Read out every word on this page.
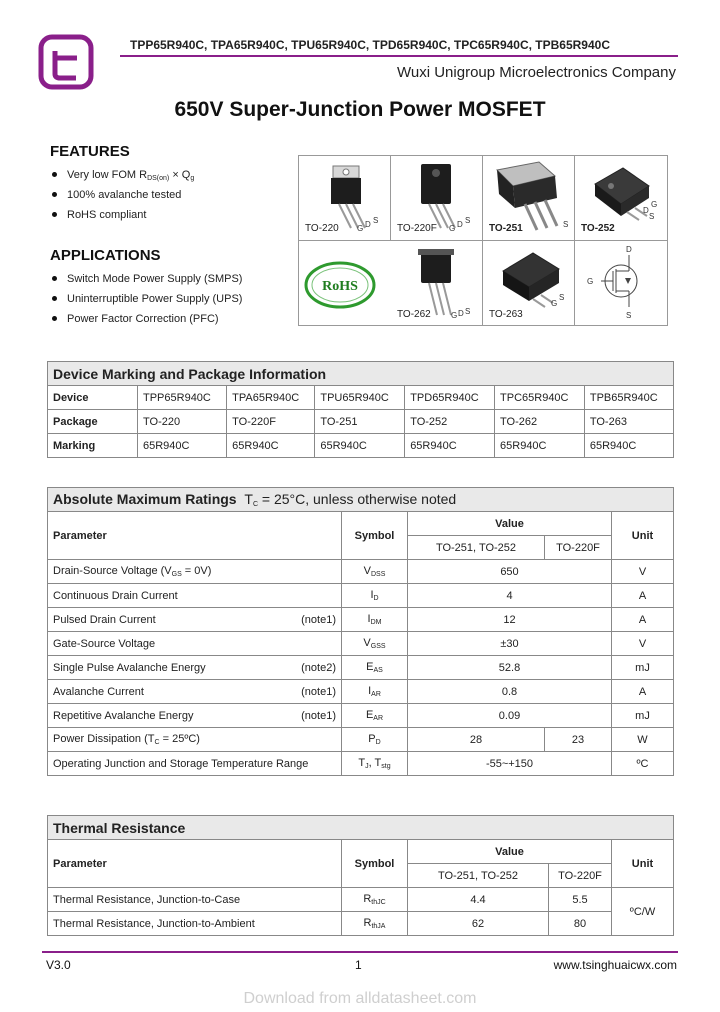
TPP65R940C, TPA65R940C, TPU65R940C, TPD65R940C, TPC65R940C, TPB65R940C
Wuxi Unigroup Microelectronics Company
650V Super-Junction Power MOSFET
FEATURES
Very low FOM $R_{DS(on)} \times Q_g$
100% avalanche tested
RoHS compliant
APPLICATIONS
Switch Mode Power Supply (SMPS)
Uninterruptible Power Supply (UPS)
Power Factor Correction (PFC)
TO-220 G D S
TO-220F G D S
TO-251	S TO-252
D
G
S
TO-262	G D S TO-263
G
S
D
G
S
RoHS
Device Marking and Package Information						
Device	TPP65R940C	TPA65R940C	TPU65R940C	TPD65R940C	TPC65R940C	TPB65R940C
Package	TO-220	TO-220F	TO-251	TO-252	TO-262	TO-263
Marking	65R940C	65R940C	65R940C	65R940C	65R940C	65R940C
Absolute Maximum Ratings $T_C = 25^\circ C$, unless otherwise noted				
Parameter	Symbol	Value		Unit
		TO-251, TO-252	TO-220F	
Drain-Source Voltage $(V_{GS} = 0V)$	$V_{DSS}$	650		V
Continuous Drain Current	$I_D$	4		A
Pulsed Drain Current (note1)	$I_{DM}$	12		A
Gate-Source Voltage	$V_{GSS}$	±30		V
Single Pulse Avalanche Energy (note2)	$E_{AS}$	52.8		mJ
Avalanche Current (note1)	$I_{AR}$	0.8		A
Repetitive Avalanche Energy (note1)	$E_{AR}$	0.09		mJ
Power Dissipation ($T_C$ = 25ºC)	$P_D$	28	23	W
Operating Junction and Storage Temperature Range	$T_J$, $T_{stg}$	-55~+150		ºC
Thermal Resistance				
Parameter	Symbol	Value		Unit
		TO-251, TO-252	TO-220F	
Thermal Resistance, Junction-to-Case	$R_{thJC}$	4.4	5.5	ºC/W
Thermal Resistance, Junction-to-Ambient	$R_{thJA}$	62	80	
V3.0	1	www.tsinghuaicwx.com
Download from alldatasheet.com
